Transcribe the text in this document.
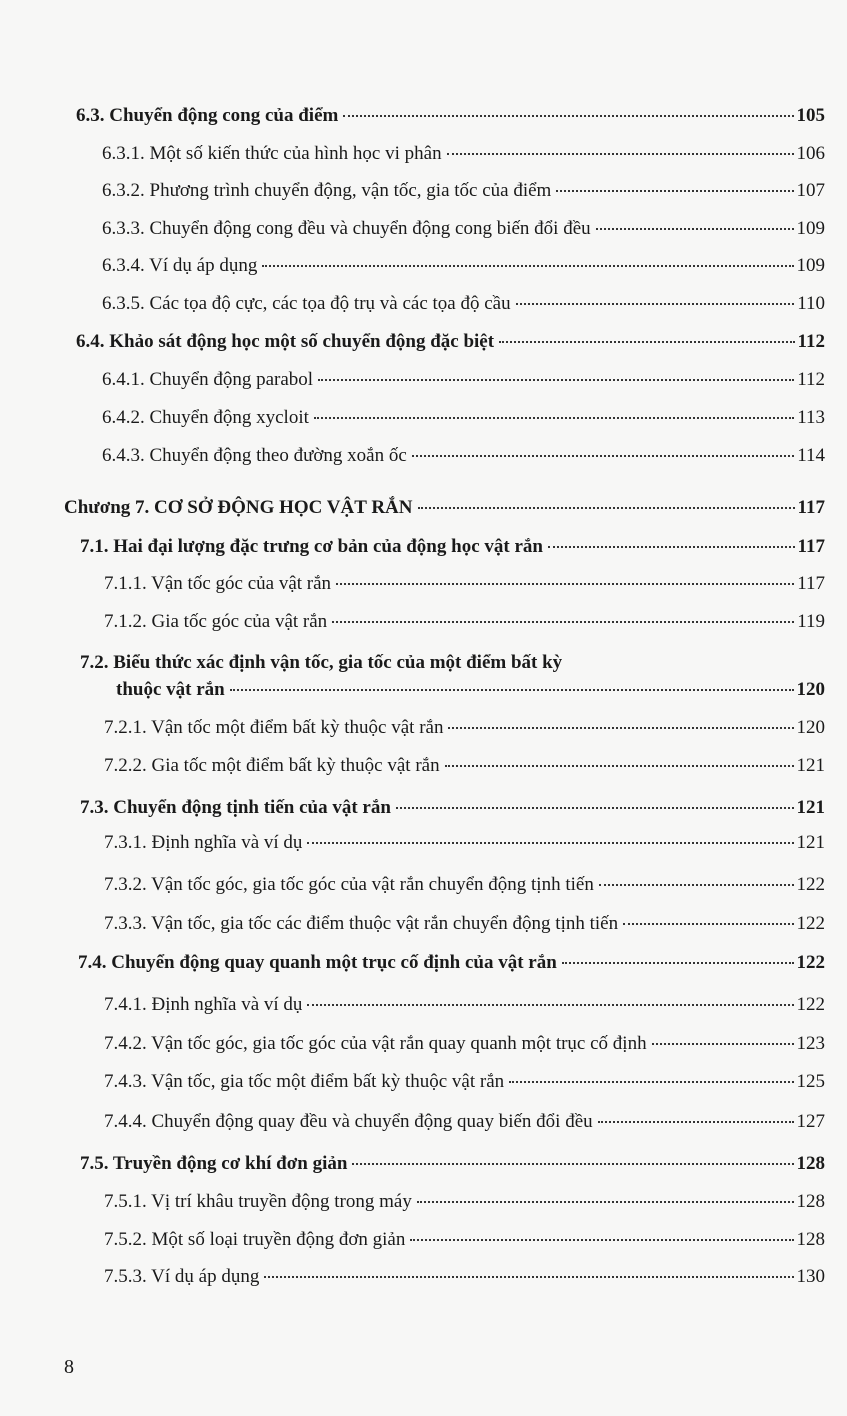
6.3. Chuyển động cong của điểm	105
6.3.1. Một số kiến thức của hình học vi phân	106
6.3.2. Phương trình chuyển động, vận tốc, gia tốc của điểm	107
6.3.3. Chuyển động cong đều và chuyển động cong biến đổi đều	109
6.3.4. Ví dụ áp dụng	109
6.3.5. Các tọa độ cực, các tọa độ trụ và các tọa độ cầu	110
6.4. Khảo sát động học một số chuyển động đặc biệt	112
6.4.1. Chuyển động parabol	112
6.4.2. Chuyển động xycloit	113
6.4.3. Chuyển động theo đường xoắn ốc	114
Chương 7. CƠ SỞ ĐỘNG HỌC VẬT RẮN	117
7.1. Hai đại lượng đặc trưng cơ bản của động học vật rắn	117
7.1.1. Vận tốc góc của vật rắn	117
7.1.2. Gia tốc góc của vật rắn	119
7.2. Biểu thức xác định vận tốc, gia tốc của một điểm bất kỳ
thuộc vật rắn	120
7.2.1. Vận tốc một điểm bất kỳ thuộc vật rắn	120
7.2.2. Gia tốc một điểm bất kỳ thuộc vật rắn	121
7.3. Chuyển động tịnh tiến của vật rắn	121
7.3.1. Định nghĩa và ví dụ	121
7.3.2. Vận tốc góc, gia tốc góc của vật rắn chuyển động tịnh tiến	122
7.3.3. Vận tốc, gia tốc các điểm thuộc vật rắn chuyển động tịnh tiến	122
7.4. Chuyển động quay quanh một trục cố định của vật rắn	122
7.4.1. Định nghĩa và ví dụ	122
7.4.2. Vận tốc góc, gia tốc góc của vật rắn quay quanh một trục cố định	123
7.4.3. Vận tốc, gia tốc một điểm bất kỳ thuộc vật rắn	125
7.4.4. Chuyển động quay đều và chuyển động quay biến đổi đều	127
7.5. Truyền động cơ khí đơn giản	128
7.5.1. Vị trí khâu truyền động trong máy	128
7.5.2. Một số loại truyền động đơn giản	128
7.5.3. Ví dụ áp dụng	130
8
